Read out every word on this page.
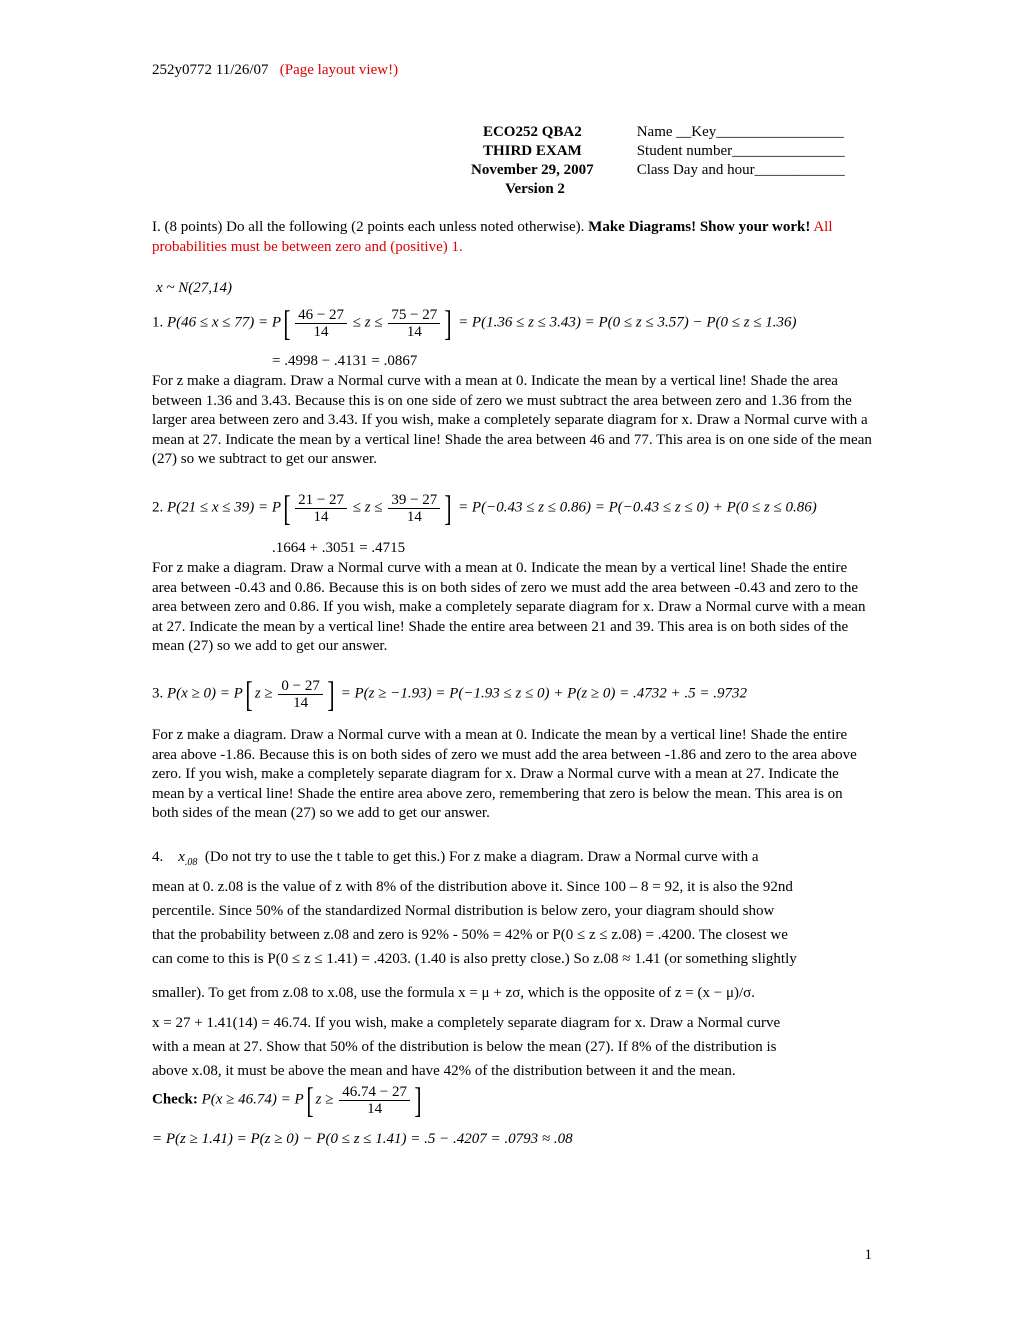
252y0772 11/26/07 (Page layout view!)
ECO252 QBA2	Name __Key_________________
THIRD EXAM	Student number_______________
November 29, 2007	Class Day and hour____________
Version 2
I. (8 points) Do all the following (2 points each unless noted otherwise). Make Diagrams! Show your work! All probabilities must be between zero and (positive) 1.
x ~ N(27,14)
1. $P(46 \le x \le 77) = P[ \frac{46 - 27}{14} \le z \le \frac{75 - 27}{14}$ ] = P(1.36 ≤ z ≤ 3.43) = P(0 ≤ z ≤ 3.57) − P(0 ≤ z ≤ 1.36)
= .4998 − .4131 = .0867
For z make a diagram. Draw a Normal curve with a mean at 0. Indicate the mean by a vertical line! Shade the area between 1.36 and 3.43. Because this is on one side of zero we must subtract the area between zero and 1.36 from the larger area between zero and 3.43. If you wish, make a completely separate diagram for x. Draw a Normal curve with a mean at 27. Indicate the mean by a vertical line! Shade the area between 46 and 77. This area is on one side of the mean (27) so we subtract to get our answer.
2. $P(21 \le x \le 39) = P[ \frac{21 - 27}{14} \le z \le \frac{39 - 27}{14}$ ] = P(−0.43 ≤ z ≤ 0.86) = P(−0.43 ≤ z ≤ 0) + P(0 ≤ z ≤ 0.86)
.1664 + .3051 = .4715
For z make a diagram. Draw a Normal curve with a mean at 0. Indicate the mean by a vertical line! Shade the entire area between -0.43 and 0.86. Because this is on both sides of zero we must add the area between -0.43 and zero to the area between zero and 0.86. If you wish, make a completely separate diagram for x. Draw a Normal curve with a mean at 27. Indicate the mean by a vertical line! Shade the entire area between 21 and 39. This area is on both sides of the mean (27) so we add to get our answer.
3. P(x ≥ 0) = P[ $z \ge \frac{0 - 27}{14}$ ] = P(z ≥ −1.93) = P(−1.93 ≤ z ≤ 0) + P(z ≥ 0) = .4732 + .5 = .9732
For z make a diagram. Draw a Normal curve with a mean at 0. Indicate the mean by a vertical line! Shade the entire area above -1.86. Because this is on both sides of zero we must add the area between -1.86 and zero to the area above zero. If you wish, make a completely separate diagram for x. Draw a Normal curve with a mean at 27. Indicate the mean by a vertical line! Shade the entire area above zero, remembering that zero is below the mean. This area is on both sides of the mean (27) so we add to get our answer.
4. $x_{.08}$ (Do not try to use the t table to get this.) For z make a diagram. Draw a Normal curve with a
mean at 0. z.08 is the value of z with 8% of the distribution above it. Since 100 – 8 = 92, it is also the 92nd
percentile. Since 50% of the standardized Normal distribution is below zero, your diagram should show
that the probability between z.08 and zero is 92% - 50% = 42% or P(0 ≤ z ≤ z.08) = .4200. The closest we
can come to this is P(0 ≤ z ≤ 1.41) = .4203. (1.40 is also pretty close.) So z.08 ≈ 1.41 (or something slightly
smaller). To get from z.08 to x.08, use the formula x = μ + zσ, which is the opposite of z = (x − μ)/σ.
x = 27 + 1.41(14) = 46.74. If you wish, make a completely separate diagram for x. Draw a Normal curve
with a mean at 27. Show that 50% of the distribution is below the mean (27). If 8% of the distribution is
above x.08, it must be above the mean and have 42% of the distribution between it and the mean.
Check: P(x ≥ 46.74) = P[ $z \ge \frac{46.74 - 27}{14}$ ]
= P(z ≥ 1.41) = P(z ≥ 0) − P(0 ≤ z ≤ 1.41) = .5 − .4207 = .0793 ≈ .08
1
